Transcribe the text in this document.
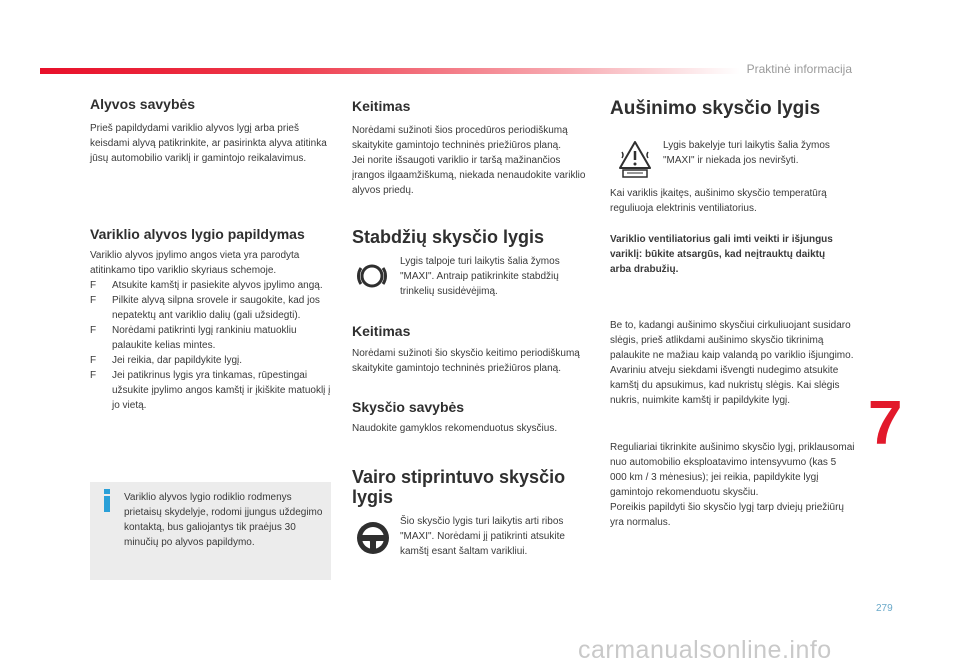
Praktinė informacija
Alyvos savybės

Prieš papildydami variklio alyvos lygį arba prieš keisdami alyvą patikrinkite, ar pasirinkta alyva atitinka jūsų automobilio variklį ir gamintojo reikalavimus.

Variklio alyvos lygio papildymas

Variklio alyvos įpylimo angos vieta yra parodyta atitinkamo tipo variklio skyriaus schemoje.

F Atsukite kamštį ir pasiekite alyvos įpylimo angą.
F Pilkite alyvą silpna srovele ir saugokite, kad jos nepatektų ant variklio dalių (gali užsidegti).
F Norėdami patikrinti lygį rankiniu matuokliu palaukite kelias mintes.
F Jei reikia, dar papildykite lygį.
F Jei patikrinus lygis yra tinkamas, rūpestingai užsukite įpylimo angos kamštį ir įkiškite matuoklį į jo vietą.

Variklio alyvos lygio rodiklio rodmenys prietaisų skydelyje, rodomi įjungus uždegimo kontaktą, bus galiojantys tik praėjus 30 minučių po alyvos papildymo.

Keitimas

Norėdami sužinoti šios procedūros periodiškumą skaitykite gamintojo techninės priežiūros planą.
Jei norite išsaugoti variklio ir taršą mažinančios įrangos ilgaamžiškumą, niekada nenaudokite variklio alyvos priedų.

Stabdžių skysčio lygis

Lygis talpoje turi laikytis šalia žymos "MAXI". Antraip patikrinkite stabdžių trinkelių susidėvėjimą.

Keitimas

Norėdami sužinoti šio skysčio keitimo periodiškumą skaitykite gamintojo techninės priežiūros planą.

Skysčio savybės

Naudokite gamyklos rekomenduotus skysčius.

Vairo stiprintuvo skysčio lygis

Šio skysčio lygis turi laikytis arti ribos "MAXI". Norėdami jį patikrinti atsukite kamštį esant šaltam varikliui.

Aušinimo skysčio lygis

Lygis bakelyje turi laikytis šalia žymos "MAXI" ir niekada jos neviršyti.

Kai variklis įkaitęs, aušinimo skysčio temperatūrą reguliuoja elektrinis ventiliatorius.

Variklio ventiliatorius gali imti veikti ir išjungus variklį: būkite atsargūs, kad neįtrauktų daiktų arba drabužių.

Be to, kadangi aušinimo skysčiui cirkuliuojant susidaro slėgis, prieš atlikdami aušinimo skysčio tikrinimą palaukite ne mažiau kaip valandą po variklio išjungimo.
Avariniu atveju siekdami išvengti nudegimo atsukite kamštį du apsukimus, kad nukristų slėgis. Kai slėgis nukris, nuimkite kamštį ir papildykite lygį.

Reguliariai tikrinkite aušinimo skysčio lygį, priklausomai nuo automobilio eksploatavimo intensyvumo (kas 5 000 km / 3 mėnesius); jei reikia, papildykite lygį gamintojo rekomenduotu skysčiu.
Poreikis papildyti šio skysčio lygį tarp dviejų priežiūrų yra normalus.

7
279
carmanualsonline.info
